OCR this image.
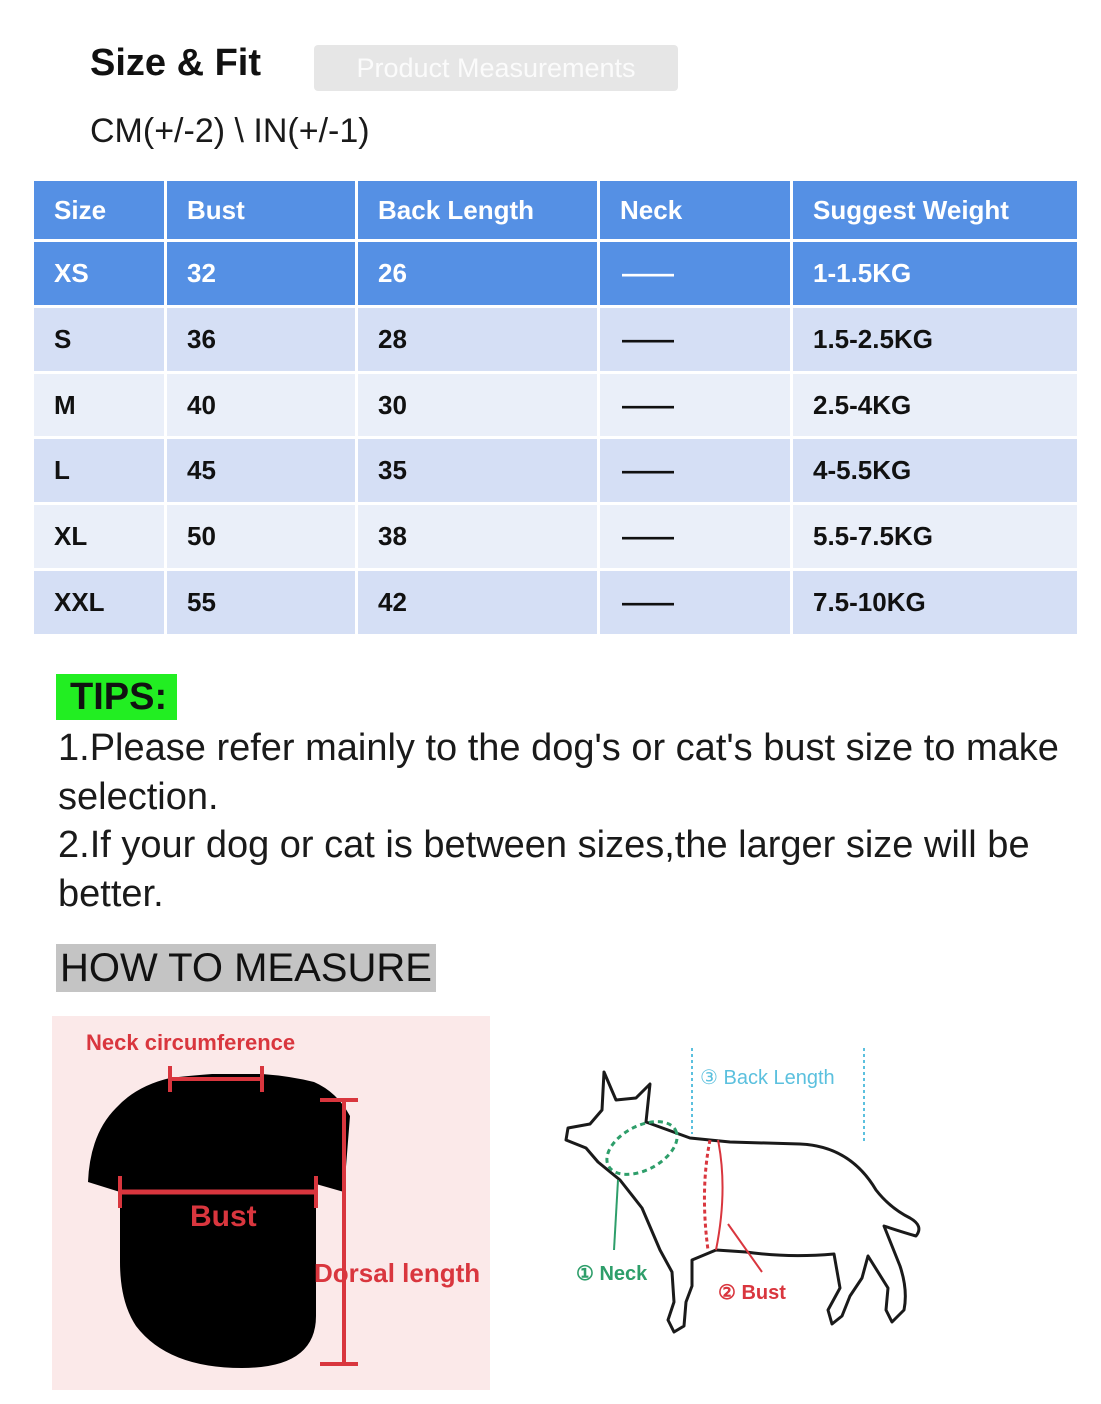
Size & Fit	Product Measurements
CM(+/-2) \ IN(+/-1)
Size	Bust	Back Length	Neck	Suggest Weight
XS	32	26	——	1-1.5KG
S	36	28	——	1.5-2.5KG
M	40	30	——	2.5-4KG
L	45	35	——	4-5.5KG
XL	50	38	——	5.5-7.5KG
XXL	55	42	——	7.5-10KG
TIPS:

1.Please refer mainly to the dog's or cat's bust size to make selection.

2.If your dog or cat is between sizes,the larger size will be better.

HOW TO MEASURE
Neck circumference
Bust
Dorsal length
③ Back Length
① Neck
② Bust
